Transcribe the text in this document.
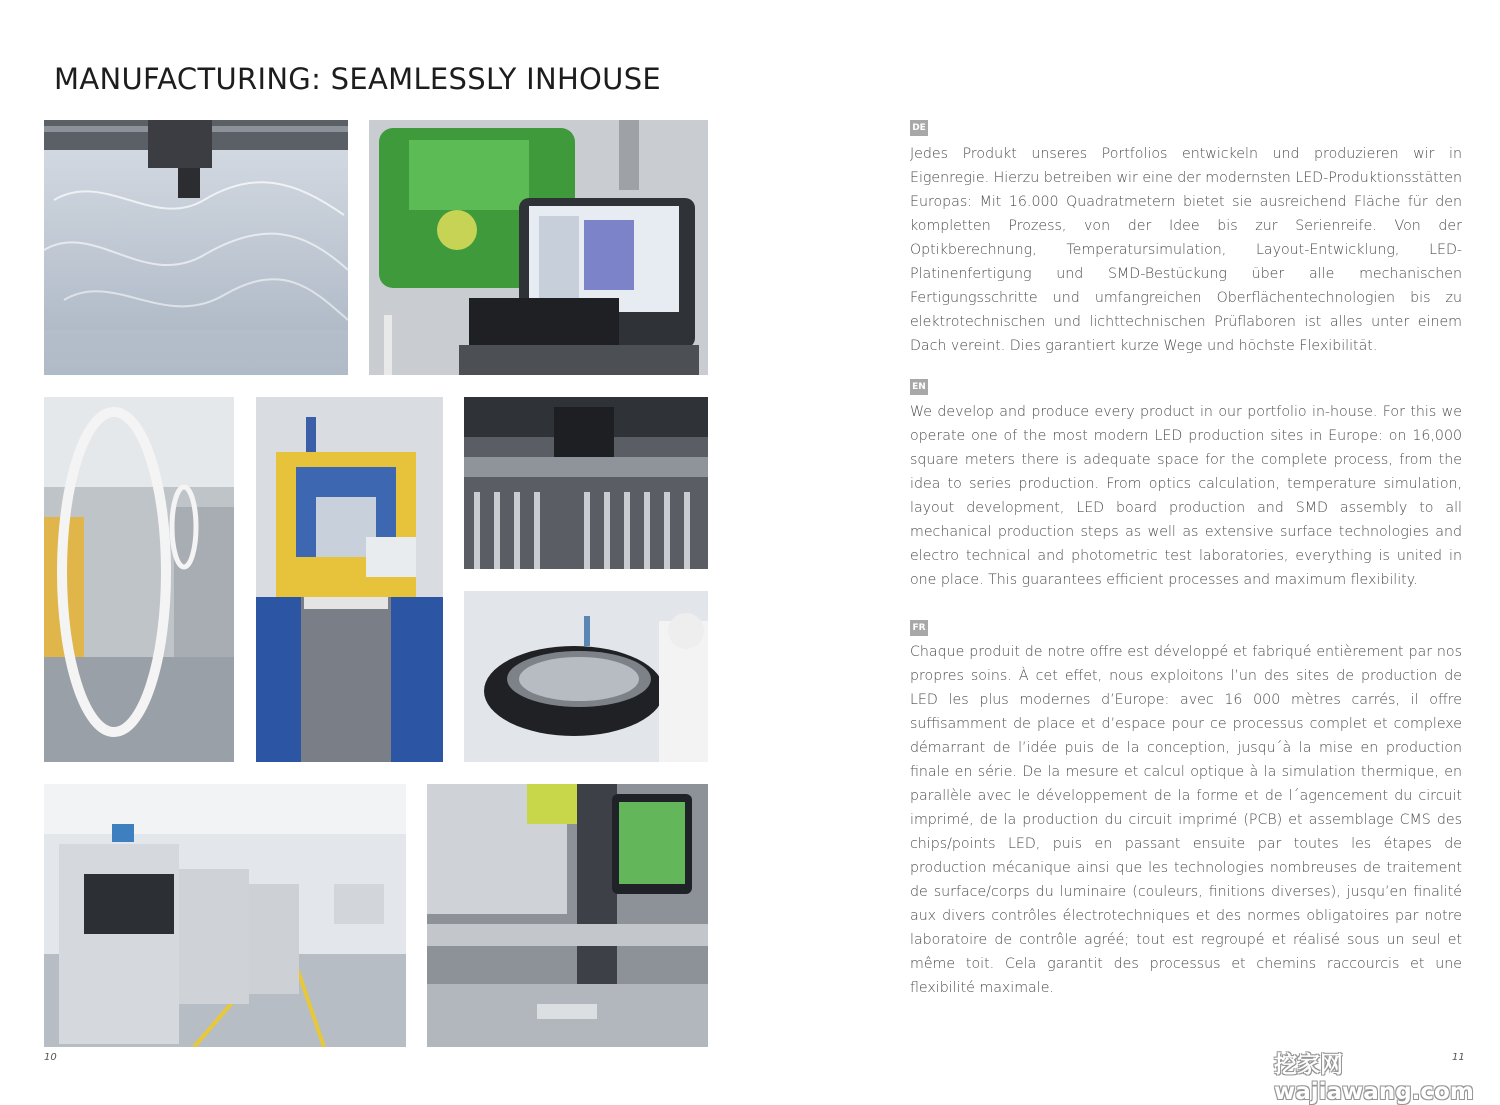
MANUFACTURING: SEAMLESSLY INHOUSE
DE

Jedes Produkt unseres Portfolios entwickeln und produzieren wir in Eigenregie. Hierzu betreiben wir eine der modernsten LED-Produktionsstätten Europas: Mit 16.000 Quadratmetern bietet sie ausreichend Fläche für den kompletten Prozess, von der Idee bis zur Serienreife. Von der Optikberechnung, Temperatursimulation, Layout-Entwicklung, LED-Platinenfertigung und SMD-Bestückung über alle mechanischen Fertigungsschritte und umfangreichen Oberflächentechnologien bis zu elektrotechnischen und lichttechnischen Prüflaboren ist alles unter einem Dach vereint. Dies garantiert kurze Wege und höchste Flexibilität.

EN

We develop and produce every product in our portfolio in-house. For this we operate one of the most modern LED production sites in Europe: on 16,000 square meters there is adequate space for the complete process, from the idea to series production. From optics calculation, temperature simulation, layout development, LED board production and SMD assembly to all mechanical production steps as well as extensive surface technologies and electro technical and photometric test laboratories, everything is united in one place. This guarantees efficient processes and maximum flexibility.

FR

Chaque produit de notre offre est développé et fabriqué entièrement par nos propres soins. À cet effet, nous exploitons l’un des sites de production de LED les plus modernes d’Europe: avec 16 000 mètres carrés, il offre suffisamment de place et d’espace pour ce processus complet et complexe démarrant de l’idée puis de la conception, jusqu´à la mise en production finale en série. De la mesure et calcul optique à la simulation thermique, en parallèle avec le développement de la forme et de l´agencement du circuit imprimé, de la production du circuit imprimé (PCB) et assemblage CMS des chips/points LED, puis en passant ensuite par toutes les étapes de production mécanique ainsi que les technologies nombreuses de traitement de surface/corps du luminaire (couleurs, finitions diverses), jusqu’en finalité aux divers contrôles électrotechniques et des normes obligatoires par notre laboratoire de contrôle agréé; tout est regroupé et réalisé sous un seul et même toit. Cela garantit des processus et chemins raccourcis et une flexibilité maximale.

10	11
挖家网 wajiawang.com
